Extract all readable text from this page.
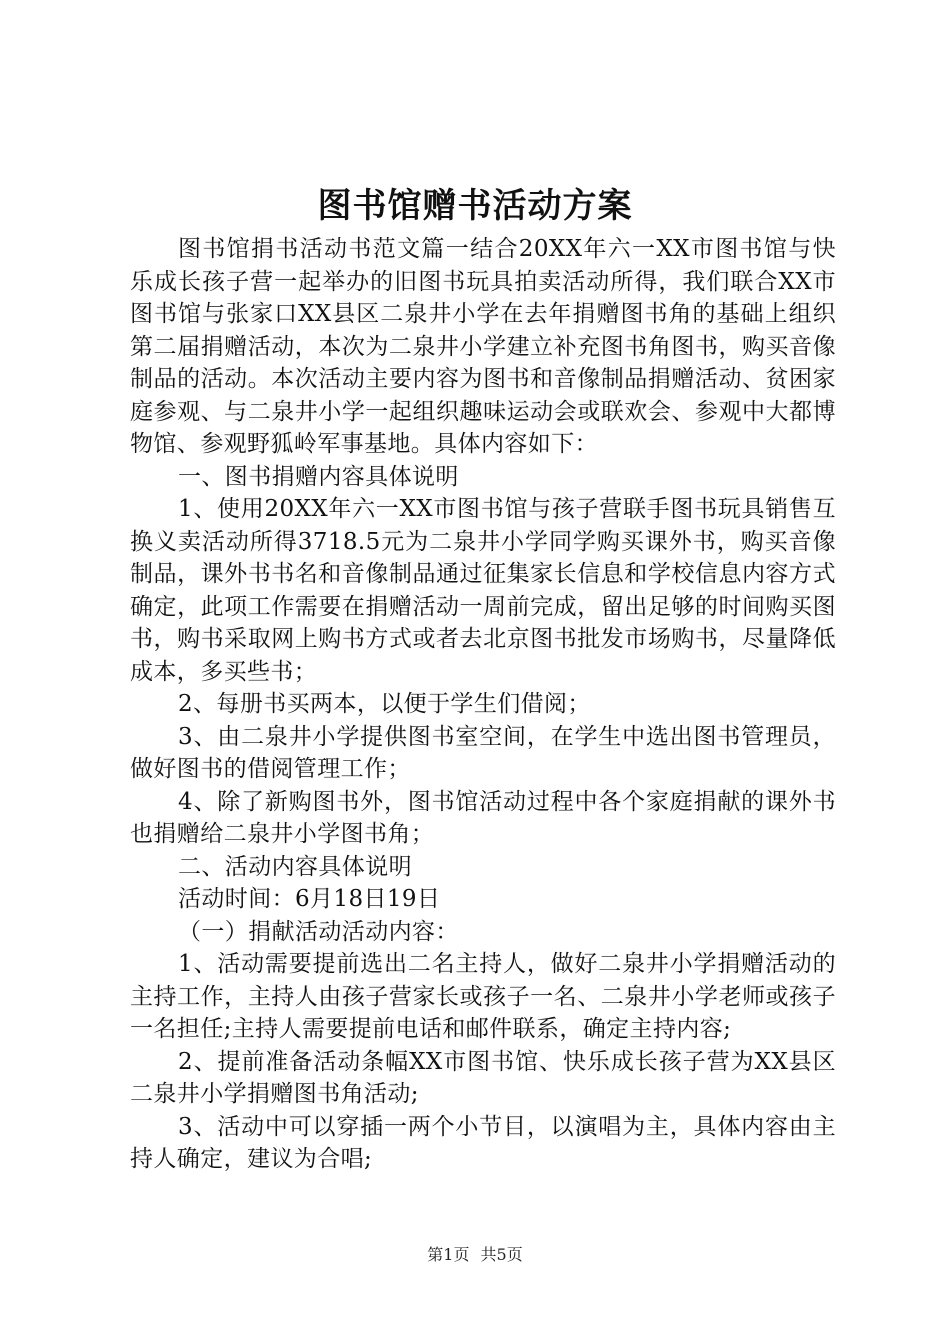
图书馆赠书活动方案

图书馆捐书活动书范文篇一结合20XX年六一XX市图书馆与快乐成长孩子营一起举办的旧图书玩具拍卖活动所得，我们联合XX市图书馆与张家口XX县区二泉井小学在去年捐赠图书角的基础上组织第二届捐赠活动，本次为二泉井小学建立补充图书角图书，购买音像制品的活动。本次活动主要内容为图书和音像制品捐赠活动、贫困家庭参观、与二泉井小学一起组织趣味运动会或联欢会、参观中大都博物馆、参观野狐岭军事基地。具体内容如下：

一、图书捐赠内容具体说明

1、使用20XX年六一XX市图书馆与孩子营联手图书玩具销售互换义卖活动所得3718.5元为二泉井小学同学购买课外书，购买音像制品，课外书书名和音像制品通过征集家长信息和学校信息内容方式确定，此项工作需要在捐赠活动一周前完成，留出足够的时间购买图书，购书采取网上购书方式或者去北京图书批发市场购书，尽量降低成本，多买些书；

2、每册书买两本，以便于学生们借阅；

3、由二泉井小学提供图书室空间，在学生中选出图书管理员，做好图书的借阅管理工作；

4、除了新购图书外，图书馆活动过程中各个家庭捐献的课外书也捐赠给二泉井小学图书角；

二、活动内容具体说明

活动时间：6月18日19日

（一）捐献活动活动内容：

1、活动需要提前选出二名主持人，做好二泉井小学捐赠活动的主持工作，主持人由孩子营家长或孩子一名、二泉井小学老师或孩子一名担任;主持人需要提前电话和邮件联系，确定主持内容;

2、提前准备活动条幅XX市图书馆、快乐成长孩子营为XX县区二泉井小学捐赠图书角活动;

3、活动中可以穿插一两个小节目，以演唱为主，具体内容由主持人确定，建议为合唱;

第1页 共5页
